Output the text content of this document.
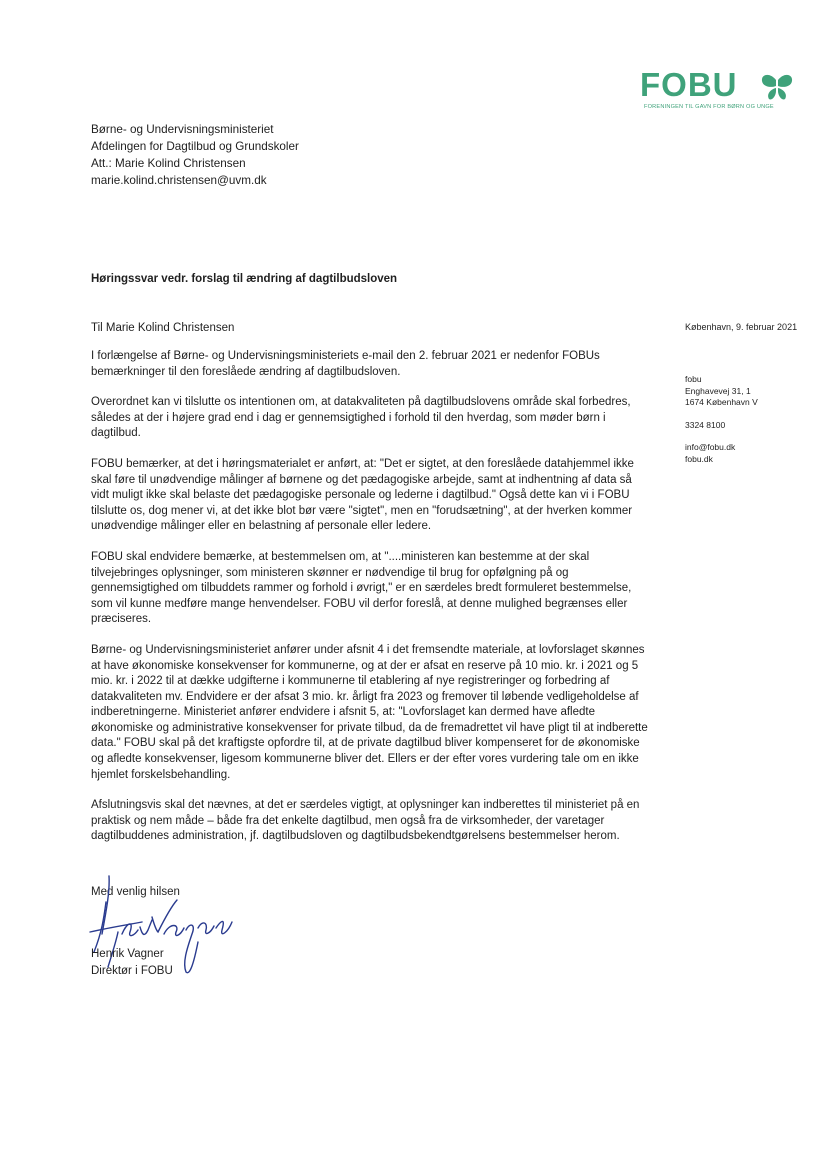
FOBU
FORENINGEN TIL GAVN FOR BØRN OG UNGE
Børne- og Undervisningsministeriet
Afdelingen for Dagtilbud og Grundskoler
Att.: Marie Kolind Christensen
marie.kolind.christensen@uvm.dk
Høringssvar vedr. forslag til ændring af dagtilbudsloven
Til Marie Kolind Christensen	København, 9. februar 2021
fobu
Enghavevej 31, 1
1674 København V
3324 8100
info@fobu.dk
fobu.dk

I forlængelse af Børne- og Undervisningsministeriets e-mail den 2. februar 2021 er nedenfor FOBUs bemærkninger til den foreslåede ændring af dagtilbudsloven.

Overordnet kan vi tilslutte os intentionen om, at datakvaliteten på dagtilbudslovens område skal forbedres, således at der i højere grad end i dag er gennemsigtighed i forhold til den hverdag, som møder børn i dagtilbud.

FOBU bemærker, at det i høringsmaterialet er anført, at: "Det er sigtet, at den foreslåede datahjemmel ikke skal føre til unødvendige målinger af børnene og det pædagogiske arbejde, samt at indhentning af data så vidt muligt ikke skal belaste det pædagogiske personale og lederne i dagtilbud." Også dette kan vi i FOBU tilslutte os, dog mener vi, at det ikke blot bør være "sigtet", men en "forudsætning", at der hverken kommer unødvendige målinger eller en belastning af personale eller ledere.

FOBU skal endvidere bemærke, at bestemmelsen om, at "....ministeren kan bestemme at der skal tilvejebringes oplysninger, som ministeren skønner er nødvendige til brug for opfølgning på og gennemsigtighed om tilbuddets rammer og forhold i øvrigt," er en særdeles bredt formuleret bestemmelse, som vil kunne medføre mange henvendelser. FOBU vil derfor foreslå, at denne mulighed begrænses eller præciseres.

Børne- og Undervisningsministeriet anfører under afsnit 4 i det fremsendte materiale, at lovforslaget skønnes at have økonomiske konsekvenser for kommunerne, og at der er afsat en reserve på 10 mio. kr. i 2021 og 5 mio. kr. i 2022 til at dække udgifterne i kommunerne til etablering af nye registreringer og forbedring af datakvaliteten mv. Endvidere er der afsat 3 mio. kr. årligt fra 2023 og fremover til løbende vedligeholdelse af indberetningerne. Ministeriet anfører endvidere i afsnit 5, at: "Lovforslaget kan dermed have afledte økonomiske og administrative konsekvenser for private tilbud, da de fremadrettet vil have pligt til at indberette data." FOBU skal på det kraftigste opfordre til, at de private dagtilbud bliver kompenseret for de økonomiske og afledte konsekvenser, ligesom kommunerne bliver det. Ellers er der efter vores vurdering tale om en ikke hjemlet forskelsbehandling.

Afslutningsvis skal det nævnes, at det er særdeles vigtigt, at oplysninger kan indberettes til ministeriet på en praktisk og nem måde – både fra det enkelte dagtilbud, men også fra de virksomheder, der varetager dagtilbuddenes administration, jf. dagtilbudsloven og dagtilbudsbekendtgørelsens bestemmelser herom.

Med venlig hilsen
Henrik Vagner
Direktør i FOBU
